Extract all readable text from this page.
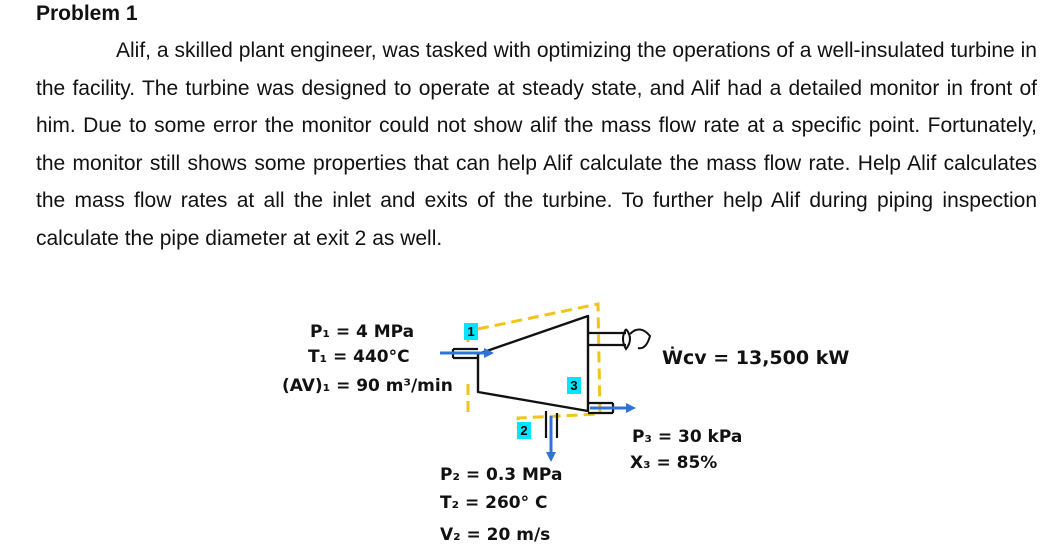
Problem 1

Alif, a skilled plant engineer, was tasked with optimizing the operations of a well-insulated turbine in the facility. The turbine was designed to operate at steady state, and Alif had a detailed monitor in front of him. Due to some error the monitor could not show alif the mass flow rate at a specific point. Fortunately, the monitor still shows some properties that can help Alif calculate the mass flow rate. Help Alif calculates the mass flow rates at all the inlet and exits of the turbine. To further help Alif during piping inspection calculate the pipe diameter at exit 2 as well.

1
2
3
P₁ = 4 MPa
T₁ = 440°C
(AV)₁ = 90 m³/min
Ẇcv = 13,500 kW
P₃ = 30 kPa
X₃ = 85%
P₂ = 0.3 MPa
T₂ = 260° C
V₂ = 20 m/s
